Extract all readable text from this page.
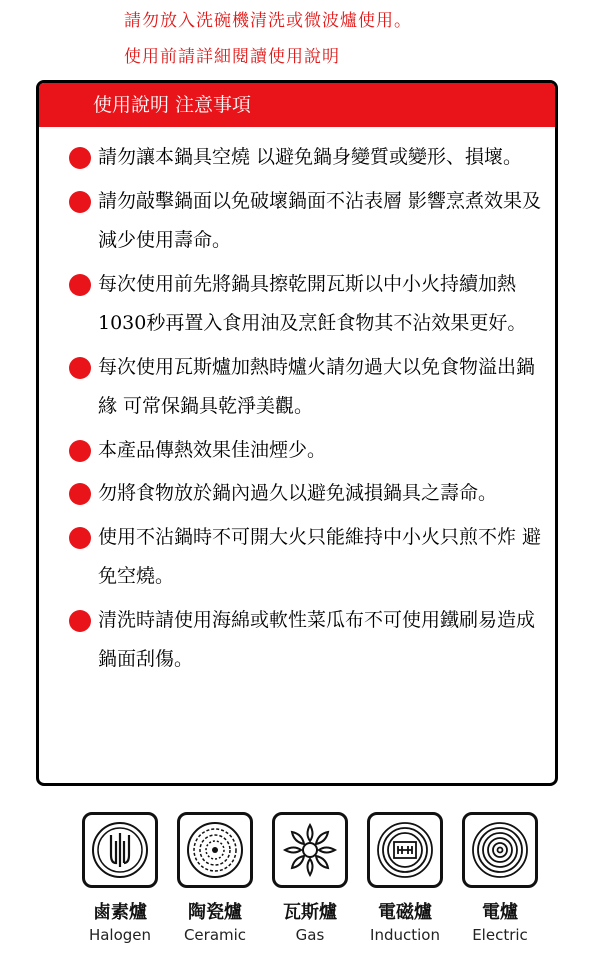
請勿放入洗碗機清洗或微波爐使用。
使用前請詳細閱讀使用說明
使用說明 注意事項
請勿讓本鍋具空燒 以避免鍋身變質或變形、損壞。
請勿敲擊鍋面以免破壞鍋面不沾表層 影響烹煮效果及減少使用壽命。
每次使用前先將鍋具擦乾開瓦斯以中小火持續加熱1030秒再置入食用油及烹飪食物其不沾效果更好。
每次使用瓦斯爐加熱時爐火請勿過大以免食物溢出鍋緣 可常保鍋具乾淨美觀。
本產品傳熱效果佳油煙少。
勿將食物放於鍋內過久以避免減損鍋具之壽命。
使用不沾鍋時不可開大火只能維持中小火只煎不炸 避免空燒。
清洗時請使用海綿或軟性菜瓜布不可使用鐵刷易造成鍋面刮傷。
鹵素爐
Halogen
陶瓷爐
Ceramic
瓦斯爐
Gas
電磁爐
Induction
電爐
Electric
